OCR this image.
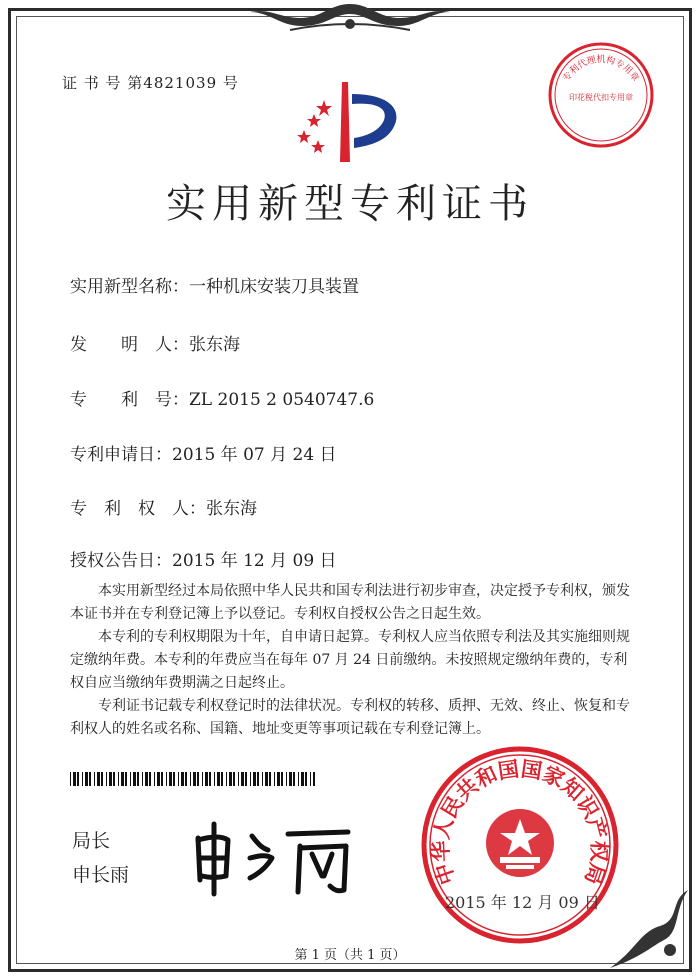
证 书 号 第4821039 号
实用新型专利证书
实用新型名称：一种机床安装刀具装置
发　　明　人：张东海
专　　利　号：ZL 2015 2 0540747.6
专利申请日：2015 年 07 月 24 日
专　利　权　人：张东海
授权公告日：2015 年 12 月 09 日

本实用新型经过本局依照中华人民共和国专利法进行初步审查，决定授予专利权，颁发本证书并在专利登记簿上予以登记。专利权自授权公告之日起生效。

本专利的专利权期限为十年，自申请日起算。专利权人应当依照专利法及其实施细则规定缴纳年费。本专利的年费应当在每年 07 月 24 日前缴纳。未按照规定缴纳年费的，专利权自应当缴纳年费期满之日起终止。

专利证书记载专利权登记时的法律状况。专利权的转移、质押、无效、终止、恢复和专利权人的姓名或名称、国籍、地址变更等事项记载在专利登记簿上。

局长
申长雨	中华人民共和国国家知识产权局
2015 年 12 月 09 日
专利代理机构专用章
印花税代扣专用章
第 1 页（共 1 页）
